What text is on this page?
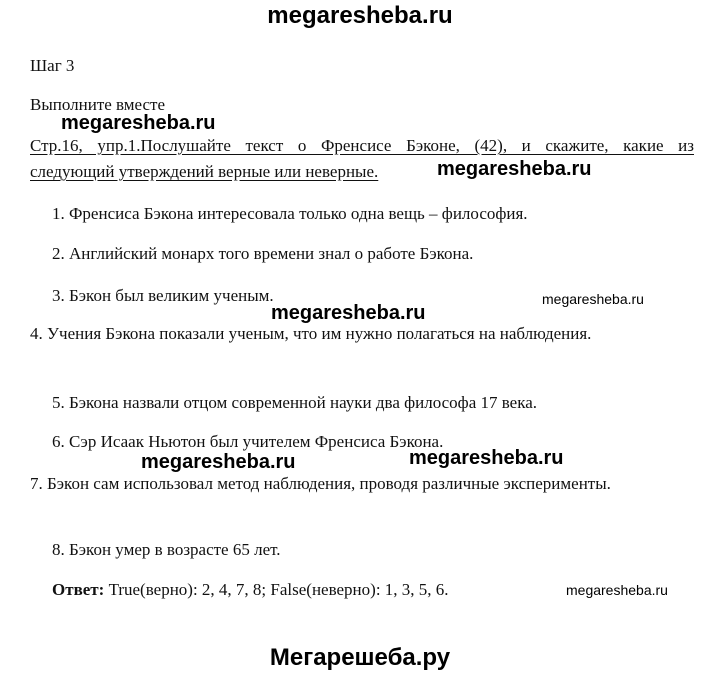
megaresheba.ru
Шаг 3
Выполните вместе
megaresheba.ru
Стр.16, упр.1.Послушайте текст о Френсисе Бэконе, (42), и скажите, какие из
следующий утверждений верные или неверные.	megaresheba.ru
1. Френсиса Бэкона интересовала только одна вещь – философия.
2. Английский монарх того времени знал о работе Бэкона.
3. Бэкон был великим ученым.
megaresheba.ru
megaresheba.ru
4. Учения Бэкона показали ученым, что им нужно полагаться на наблюдения.
5. Бэкона назвали отцом современной науки два философа 17 века.
6. Сэр Исаак Ньютон был учителем Френсиса Бэкона.
megaresheba.ru	megaresheba.ru
7. Бэкон сам использовал метод наблюдения, проводя различные эксперименты.
8. Бэкон умер в возрасте 65 лет.
Ответ: True(верно): 2, 4, 7, 8; False(неверно): 1, 3, 5, 6.	megaresheba.ru
Мегарешеба.ру
